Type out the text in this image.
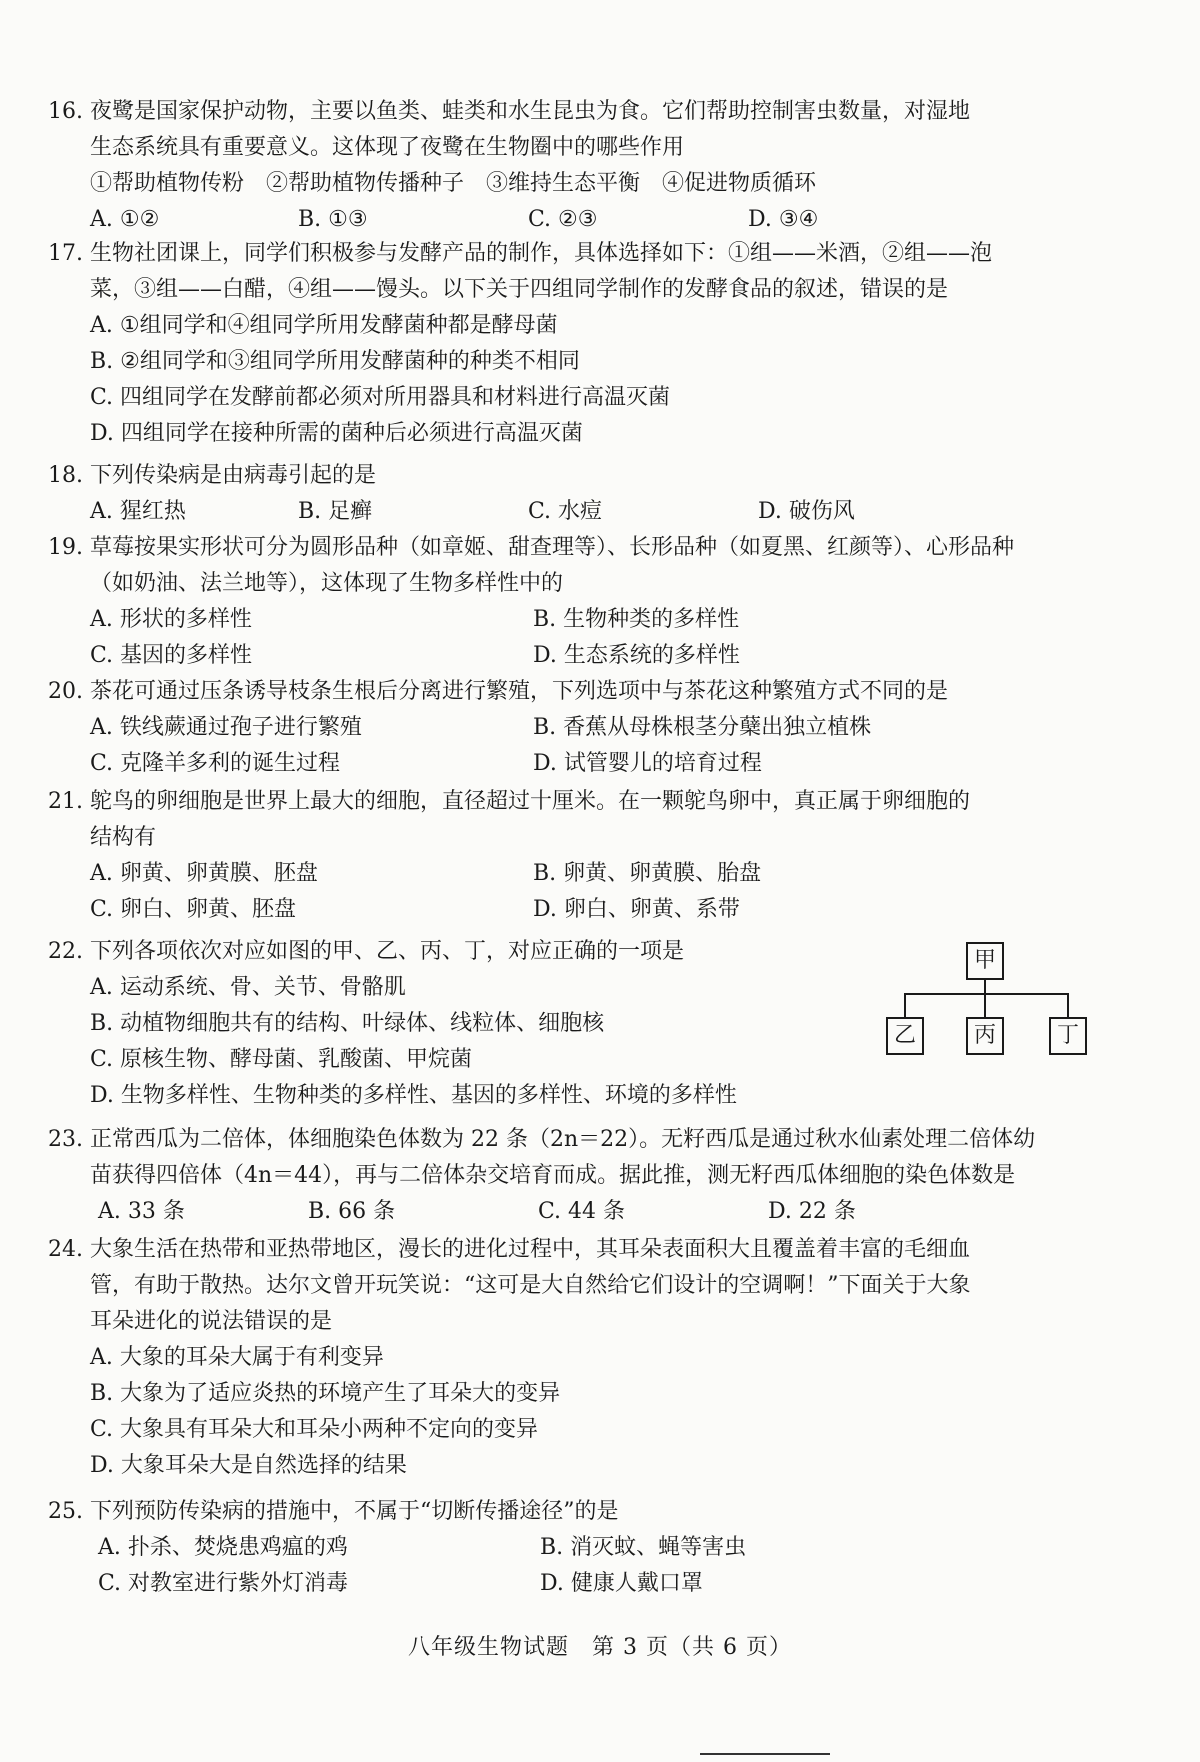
16. 夜鹭是国家保护动物，主要以鱼类、蛙类和水生昆虫为食。它们帮助控制害虫数量，对湿地
生态系统具有重要意义。这体现了夜鹭在生物圈中的哪些作用
①帮助植物传粉　②帮助植物传播种子　③维持生态平衡　④促进物质循环
A. ①②	B. ①③	C. ②③	D. ③④
17. 生物社团课上，同学们积极参与发酵产品的制作，具体选择如下：①组——米酒，②组——泡
菜，③组——白醋，④组——馒头。以下关于四组同学制作的发酵食品的叙述，错误的是
A. ①组同学和④组同学所用发酵菌种都是酵母菌
B. ②组同学和③组同学所用发酵菌种的种类不相同
C. 四组同学在发酵前都必须对所用器具和材料进行高温灭菌
D. 四组同学在接种所需的菌种后必须进行高温灭菌
18. 下列传染病是由病毒引起的是
A. 猩红热	B. 足癣	C. 水痘	D. 破伤风
19. 草莓按果实形状可分为圆形品种（如章姬、甜查理等）、长形品种（如夏黑、红颜等）、心形品种
（如奶油、法兰地等），这体现了生物多样性中的
A. 形状的多样性	B. 生物种类的多样性
C. 基因的多样性	D. 生态系统的多样性
20. 茶花可通过压条诱导枝条生根后分离进行繁殖，下列选项中与茶花这种繁殖方式不同的是
A. 铁线蕨通过孢子进行繁殖	B. 香蕉从母株根茎分蘖出独立植株
C. 克隆羊多利的诞生过程	D. 试管婴儿的培育过程
21. 鸵鸟的卵细胞是世界上最大的细胞，直径超过十厘米。在一颗鸵鸟卵中，真正属于卵细胞的
结构有
A. 卵黄、卵黄膜、胚盘	B. 卵黄、卵黄膜、胎盘
C. 卵白、卵黄、胚盘	D. 卵白、卵黄、系带
22. 下列各项依次对应如图的甲、乙、丙、丁，对应正确的一项是
A. 运动系统、骨、关节、骨骼肌
B. 动植物细胞共有的结构、叶绿体、线粒体、细胞核
C. 原核生物、酵母菌、乳酸菌、甲烷菌
D. 生物多样性、生物种类的多样性、基因的多样性、环境的多样性
甲
乙	丙	丁
23. 正常西瓜为二倍体，体细胞染色体数为 22 条（2n＝22）。无籽西瓜是通过秋水仙素处理二倍体幼
苗获得四倍体（4n＝44），再与二倍体杂交培育而成。据此推，测无籽西瓜体细胞的染色体数是
A. 33 条	B. 66 条	C. 44 条	D. 22 条
24. 大象生活在热带和亚热带地区，漫长的进化过程中，其耳朵表面积大且覆盖着丰富的毛细血
管，有助于散热。达尔文曾开玩笑说：“这可是大自然给它们设计的空调啊！”下面关于大象
耳朵进化的说法错误的是
A. 大象的耳朵大属于有利变异
B. 大象为了适应炎热的环境产生了耳朵大的变异
C. 大象具有耳朵大和耳朵小两种不定向的变异
D. 大象耳朵大是自然选择的结果
25. 下列预防传染病的措施中，不属于“切断传播途径”的是
A. 扑杀、焚烧患鸡瘟的鸡	B. 消灭蚊、蝇等害虫
C. 对教室进行紫外灯消毒	D. 健康人戴口罩
八年级生物试题　第 3 页（共 6 页）
